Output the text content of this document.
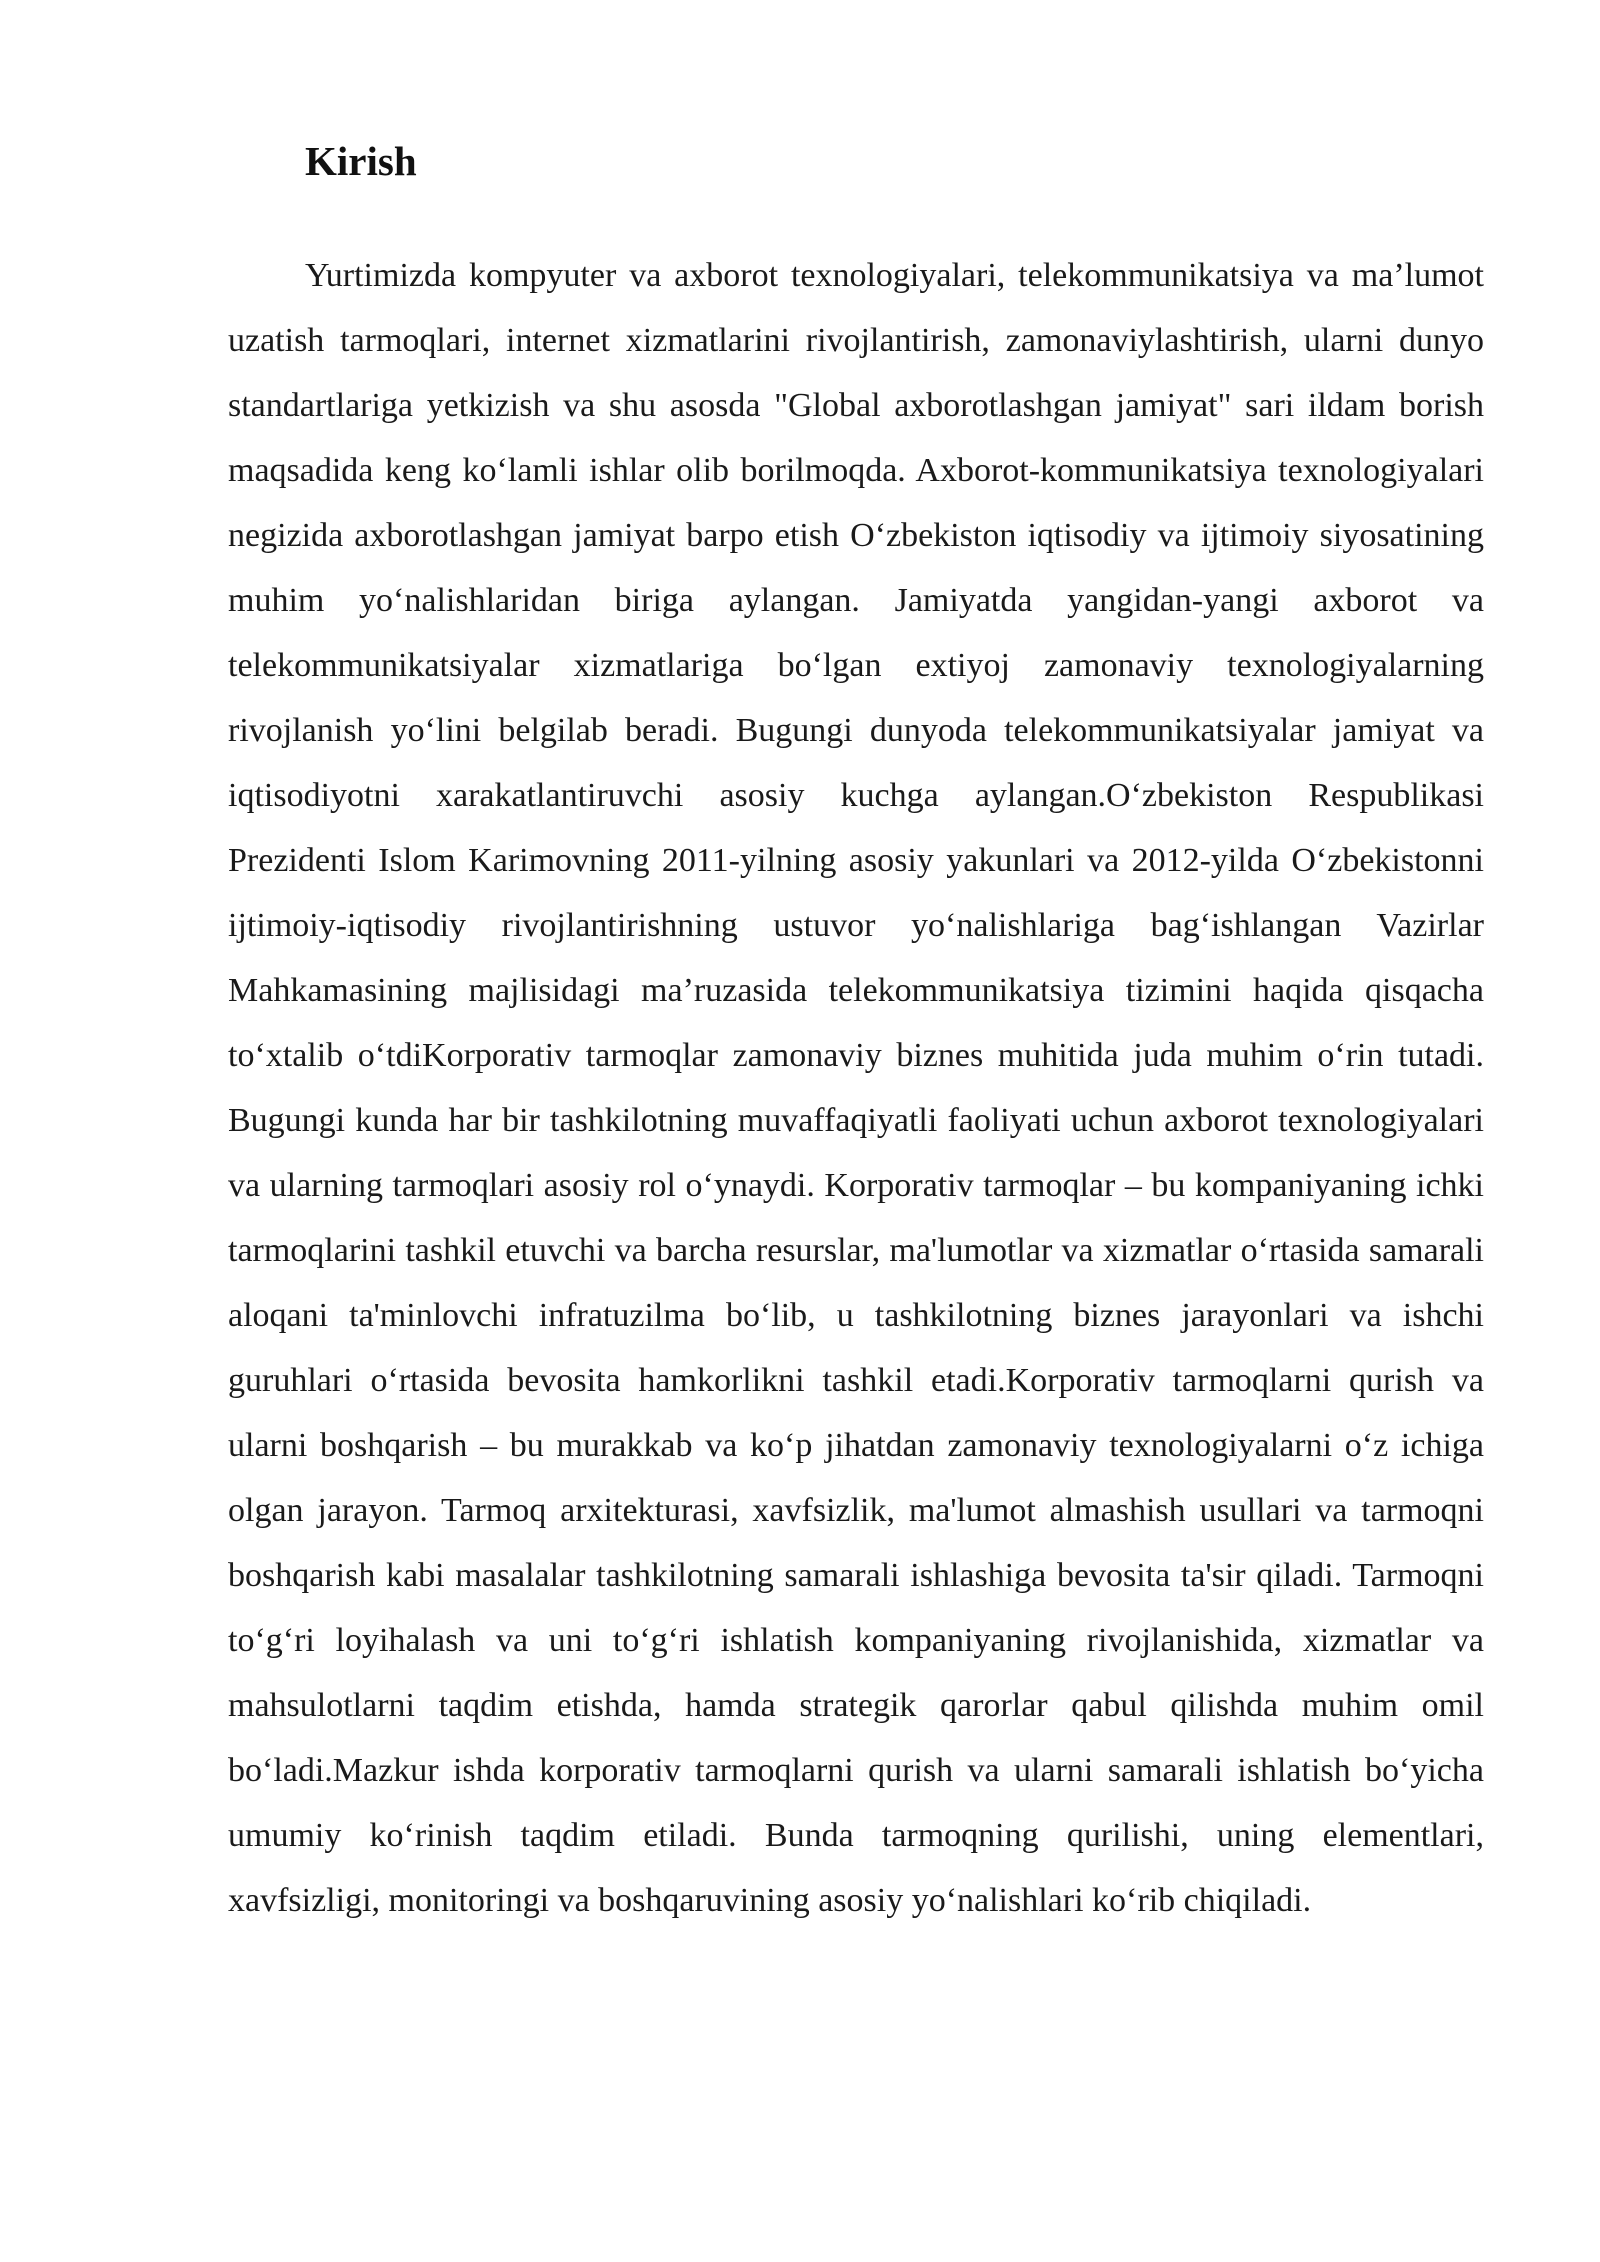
Kirish

Yurtimizda kompyuter va axborot texnologiyalari, telekommunikatsiya va ma’lumot uzatish tarmoqlari, internet xizmatlarini rivojlantirish, zamonaviylashtirish, ularni dunyo standartlariga yetkizish va shu asosda "Global axborotlashgan jamiyat" sari ildam borish maqsadida keng koʻlamli ishlar olib borilmoqda. Axborot-kommunikatsiya texnologiyalari negizida axborotlashgan jamiyat barpo etish Oʻzbekiston iqtisodiy va ijtimoiy siyosatining muhim yoʻnalishlaridan biriga aylangan. Jamiyatda yangidan-yangi axborot va telekommunikatsiyalar xizmatlariga boʻlgan extiyoj zamonaviy texnologiyalarning rivojlanish yoʻlini belgilab beradi. Bugungi dunyoda telekommunikatsiyalar jamiyat va iqtisodiyotni xarakatlantiruvchi asosiy kuchga aylangan.Oʻzbekiston Respublikasi Prezidenti Islom Karimovning 2011-yilning asosiy yakunlari va 2012-yilda Oʻzbekistonni ijtimoiy-iqtisodiy rivojlantirishning ustuvor yoʻnalishlariga bagʻishlangan Vazirlar Mahkamasining majlisidagi ma’ruzasida telekommunikatsiya tizimini haqida qisqacha toʻxtalib oʻtdiKorporativ tarmoqlar zamonaviy biznes muhitida juda muhim oʻrin tutadi. Bugungi kunda har bir tashkilotning muvaffaqiyatli faoliyati uchun axborot texnologiyalari va ularning tarmoqlari asosiy rol oʻynaydi. Korporativ tarmoqlar – bu kompaniyaning ichki tarmoqlarini tashkil etuvchi va barcha resurslar, ma'lumotlar va xizmatlar oʻrtasida samarali aloqani ta'minlovchi infratuzilma boʻlib, u tashkilotning biznes jarayonlari va ishchi guruhlari oʻrtasida bevosita hamkorlikni tashkil etadi.Korporativ tarmoqlarni qurish va ularni boshqarish – bu murakkab va koʻp jihatdan zamonaviy texnologiyalarni oʻz ichiga olgan jarayon. Tarmoq arxitekturasi, xavfsizlik, ma'lumot almashish usullari va tarmoqni boshqarish kabi masalalar tashkilotning samarali ishlashiga bevosita ta'sir qiladi. Tarmoqni toʻgʻri loyihalash va uni toʻgʻri ishlatish kompaniyaning rivojlanishida, xizmatlar va mahsulotlarni taqdim etishda, hamda strategik qarorlar qabul qilishda muhim omil boʻladi.Mazkur ishda korporativ tarmoqlarni qurish va ularni samarali ishlatish boʻyicha umumiy koʻrinish taqdim etiladi. Bunda tarmoqning qurilishi, uning elementlari, xavfsizligi, monitoringi va boshqaruvining asosiy yoʻnalishlari koʻrib chiqiladi.
